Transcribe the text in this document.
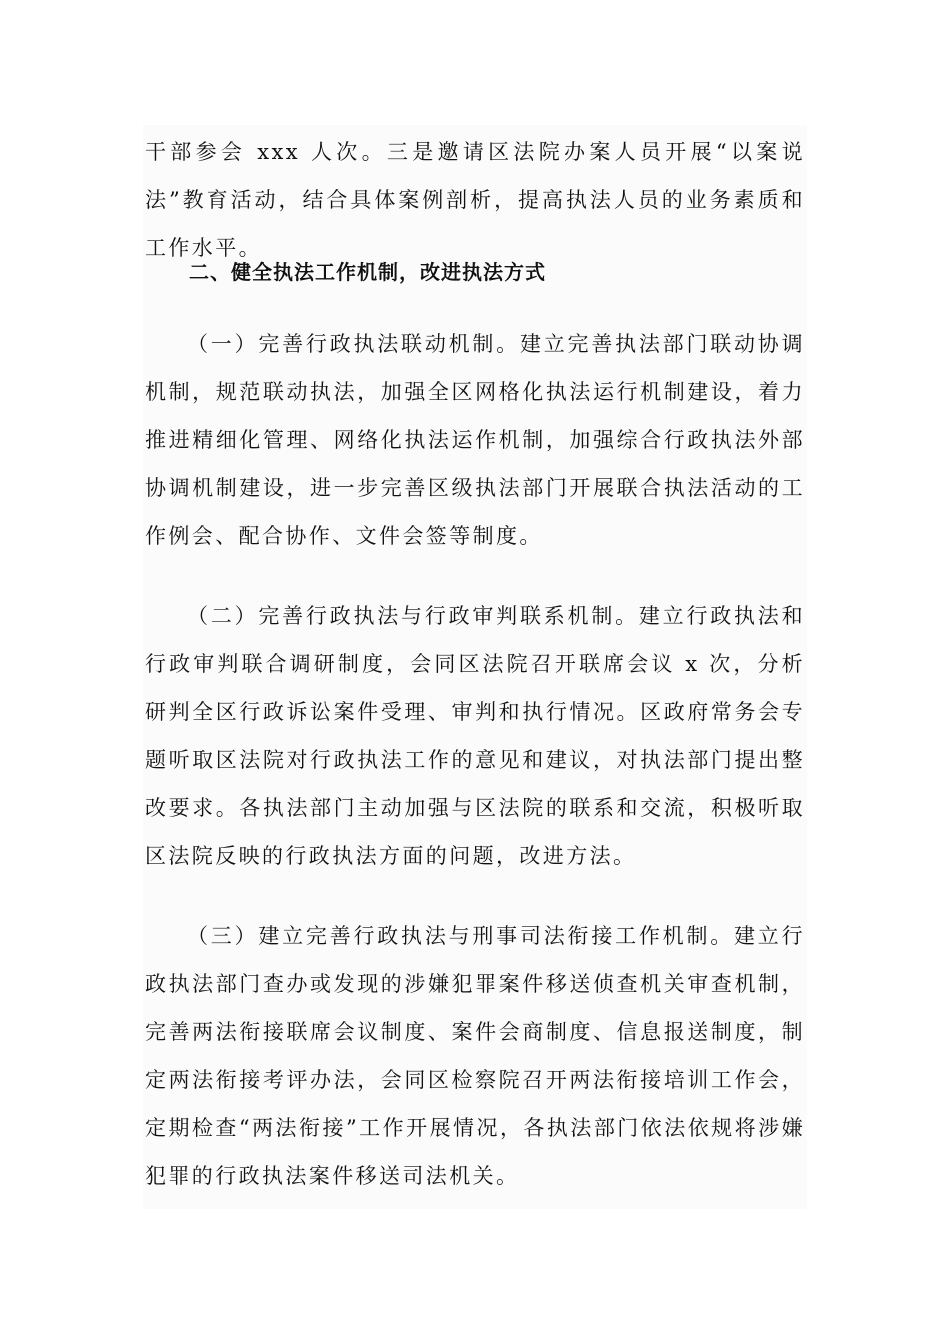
干部参会 xxx 人次。三是邀请区法院办案人员开展“以案说法”教育活动，结合具体案例剖析，提高执法人员的业务素质和工作水平。

二、健全执法工作机制，改进执法方式

（一）完善行政执法联动机制。建立完善执法部门联动协调机制，规范联动执法，加强全区网格化执法运行机制建设，着力推进精细化管理、网络化执法运作机制，加强综合行政执法外部协调机制建设，进一步完善区级执法部门开展联合执法活动的工作例会、配合协作、文件会签等制度。

（二）完善行政执法与行政审判联系机制。建立行政执法和行政审判联合调研制度，会同区法院召开联席会议 x 次，分析研判全区行政诉讼案件受理、审判和执行情况。区政府常务会专题听取区法院对行政执法工作的意见和建议，对执法部门提出整改要求。各执法部门主动加强与区法院的联系和交流，积极听取区法院反映的行政执法方面的问题，改进方法。

（三）建立完善行政执法与刑事司法衔接工作机制。建立行政执法部门查办或发现的涉嫌犯罪案件移送侦查机关审查机制，完善两法衔接联席会议制度、案件会商制度、信息报送制度，制定两法衔接考评办法，会同区检察院召开两法衔接培训工作会，定期检查“两法衔接”工作开展情况，各执法部门依法依规将涉嫌犯罪的行政执法案件移送司法机关。
